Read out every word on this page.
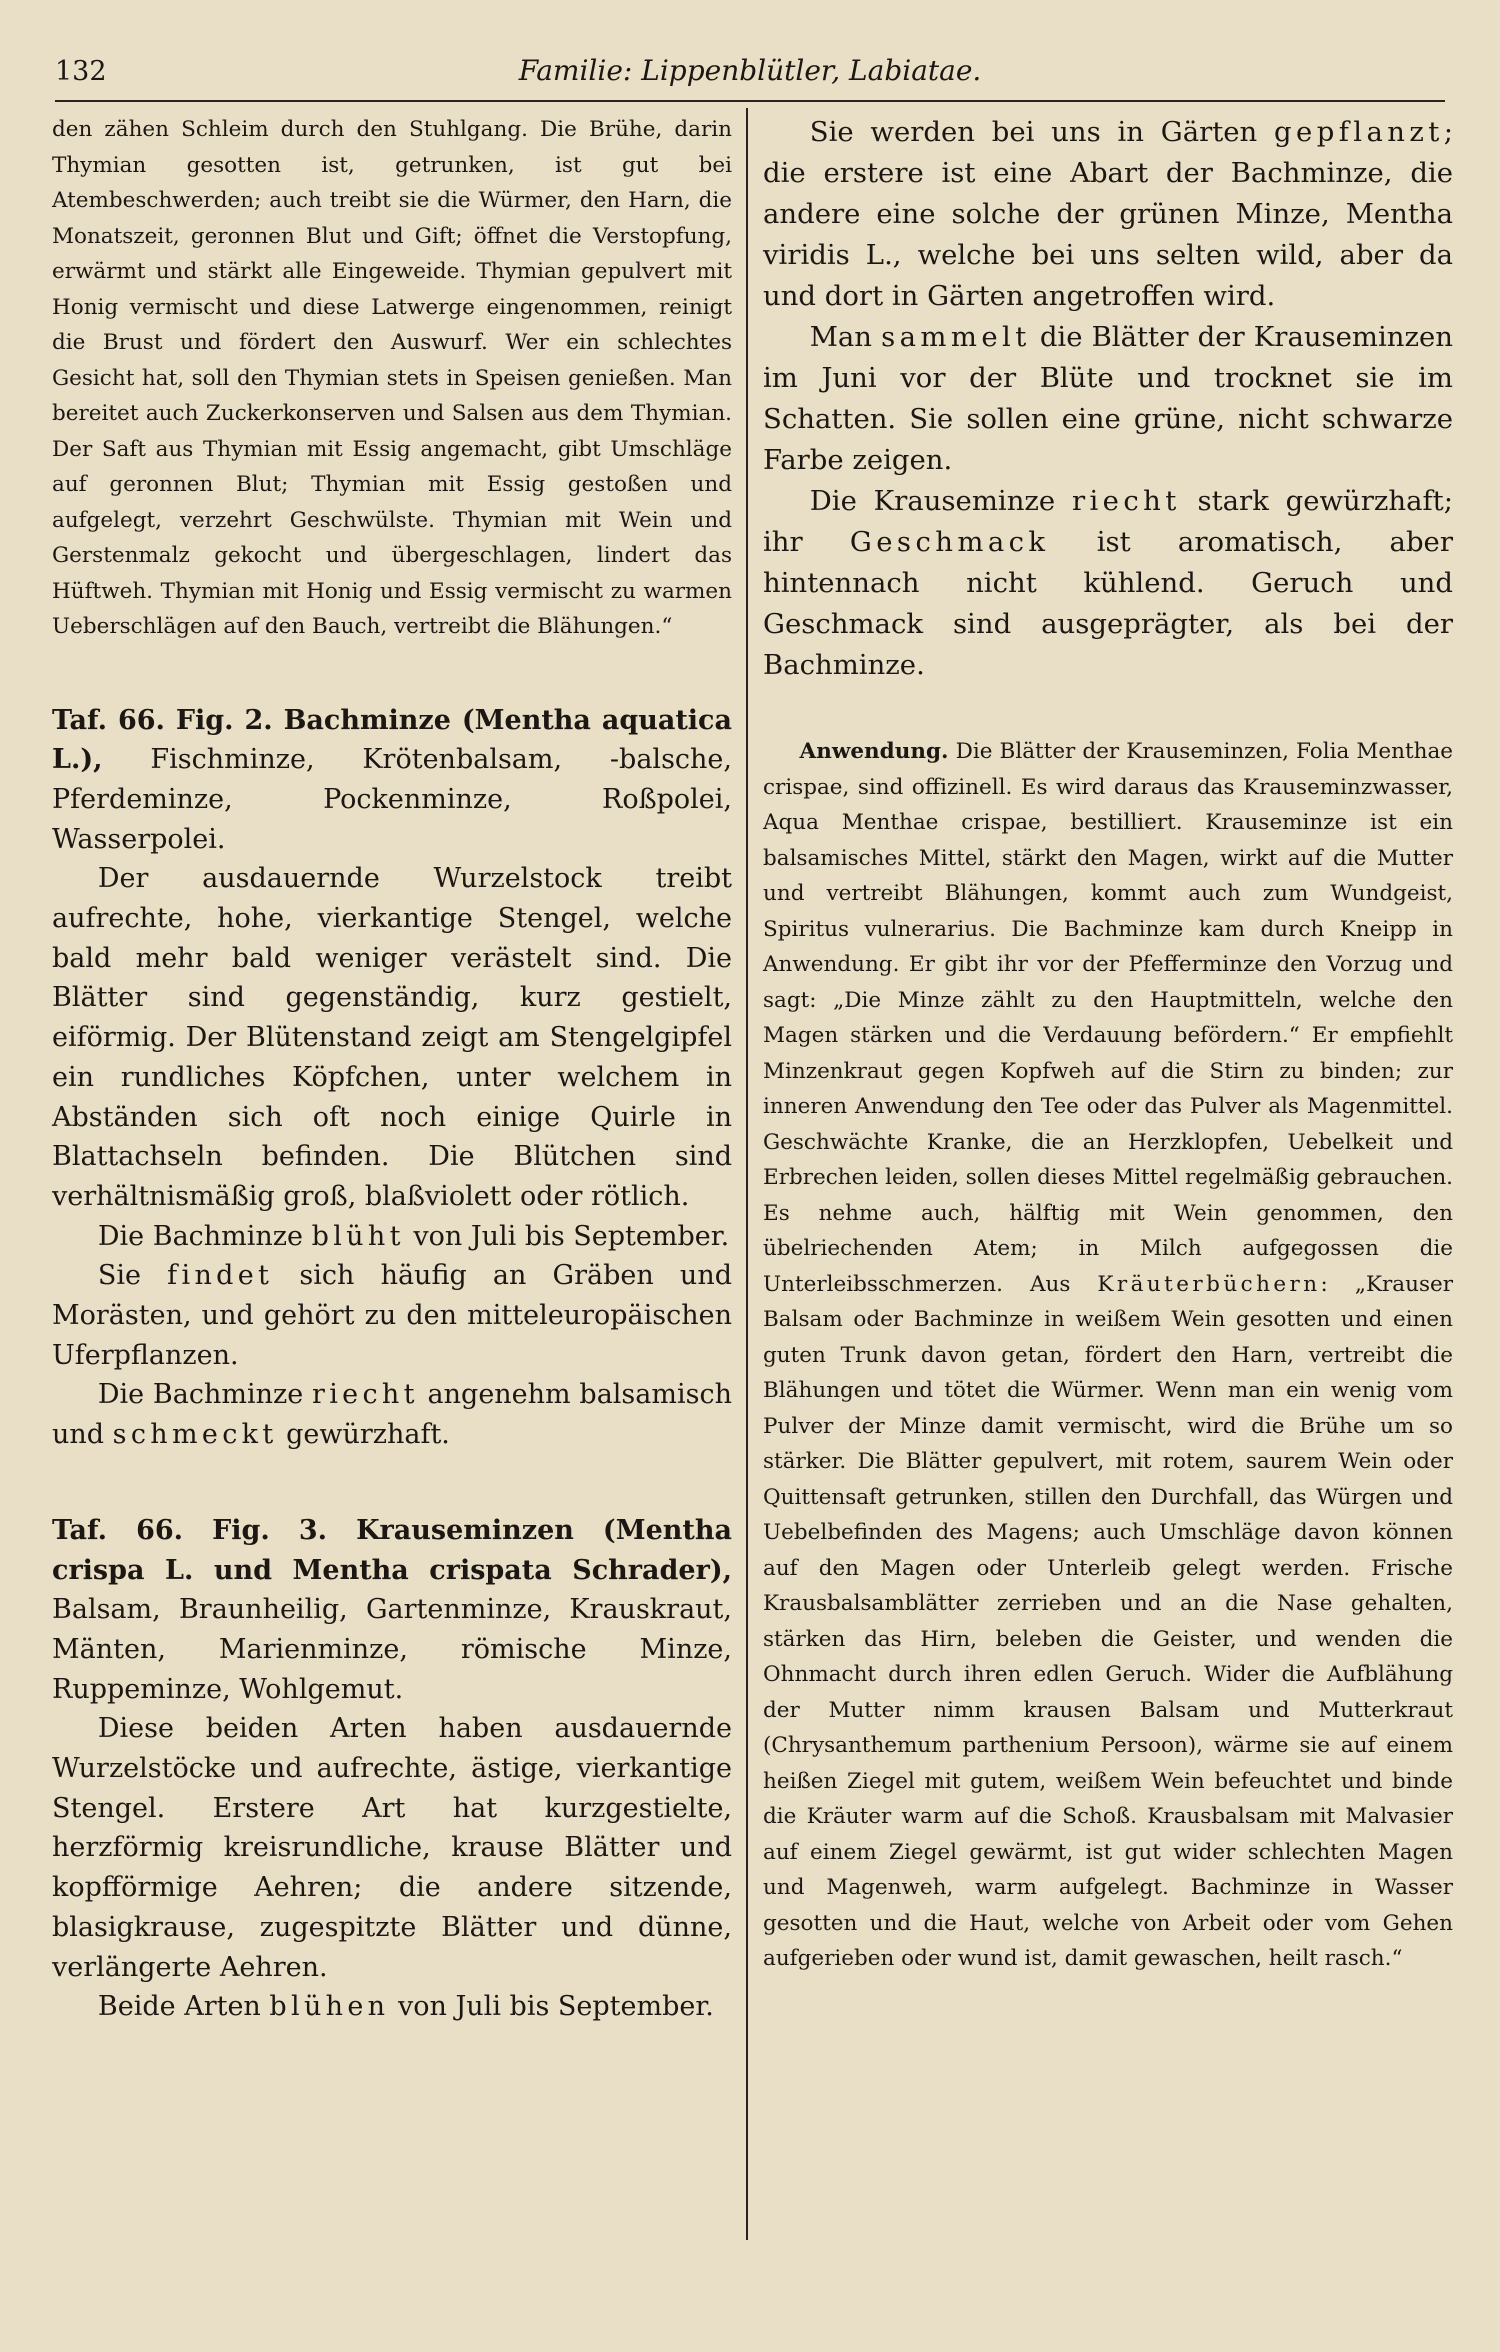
132	Familie: Lippenblütler, Labiatae.

den zähen Schleim durch den Stuhlgang. Die Brühe, darin Thymian gesotten ist, getrunken, ist gut bei Atembeschwerden; auch treibt sie die Würmer, den Harn, die Monatszeit, geronnen Blut und Gift; öffnet die Verstopfung, erwärmt und stärkt alle Eingeweide. Thymian gepulvert mit Honig vermischt und diese Latwerge eingenommen, reinigt die Brust und fördert den Auswurf. Wer ein schlechtes Gesicht hat, soll den Thymian stets in Speisen genießen. Man bereitet auch Zuckerkonserven und Salsen aus dem Thymian. Der Saft aus Thymian mit Essig angemacht, gibt Umschläge auf geronnen Blut; Thymian mit Essig gestoßen und aufgelegt, verzehrt Geschwülste. Thymian mit Wein und Gerstenmalz gekocht und übergeschlagen, lindert das Hüftweh. Thymian mit Honig und Essig vermischt zu warmen Ueberschlägen auf den Bauch, vertreibt die Blähungen.“

Taf. 66. Fig. 2. Bachminze (Mentha aquatica L.), Fischminze, Krötenbalsam, -balsche, Pferdeminze, Pockenminze, Roßpolei, Wasserpolei.

Der ausdauernde Wurzelstock treibt aufrechte, hohe, vierkantige Stengel, welche bald mehr bald weniger verästelt sind. Die Blätter sind gegenständig, kurz gestielt, eiförmig. Der Blütenstand zeigt am Stengelgipfel ein rundliches Köpfchen, unter welchem in Abständen sich oft noch einige Quirle in Blattachseln befinden. Die Blütchen sind verhältnismäßig groß, blaßviolett oder rötlich.

Die Bachminze blüht von Juli bis September.

Sie findet sich häufig an Gräben und Morästen, und gehört zu den mitteleuropäischen Uferpflanzen.

Die Bachminze riecht angenehm balsamisch und schmeckt gewürzhaft.

Taf. 66. Fig. 3. Krauseminzen (Mentha crispa L. und Mentha crispata Schrader), Balsam, Braunheilig, Gartenminze, Krauskraut, Mänten, Marienminze, römische Minze, Ruppeminze, Wohlgemut.

Diese beiden Arten haben ausdauernde Wurzelstöcke und aufrechte, ästige, vierkantige Stengel. Erstere Art hat kurzgestielte, herzförmig kreisrundliche, krause Blätter und kopfförmige Aehren; die andere sitzende, blasigkrause, zugespitzte Blätter und dünne, verlängerte Aehren.

Beide Arten blühen von Juli bis September.

Sie werden bei uns in Gärten gepflanzt; die erstere ist eine Abart der Bachminze, die andere eine solche der grünen Minze, Mentha viridis L., welche bei uns selten wild, aber da und dort in Gärten angetroffen wird.

Man sammelt die Blätter der Krauseminzen im Juni vor der Blüte und trocknet sie im Schatten. Sie sollen eine grüne, nicht schwarze Farbe zeigen.

Die Krauseminze riecht stark gewürzhaft; ihr Geschmack ist aromatisch, aber hintennach nicht kühlend. Geruch und Geschmack sind ausgeprägter, als bei der Bachminze.

Anwendung. Die Blätter der Krauseminzen, Folia Menthae crispae, sind offizinell. Es wird daraus das Krauseminzwasser, Aqua Menthae crispae, bestilliert. Krauseminze ist ein balsamisches Mittel, stärkt den Magen, wirkt auf die Mutter und vertreibt Blähungen, kommt auch zum Wundgeist, Spiritus vulnerarius. Die Bachminze kam durch Kneipp in Anwendung. Er gibt ihr vor der Pfefferminze den Vorzug und sagt: „Die Minze zählt zu den Hauptmitteln, welche den Magen stärken und die Verdauung befördern.“ Er empfiehlt Minzenkraut gegen Kopfweh auf die Stirn zu binden; zur inneren Anwendung den Tee oder das Pulver als Magenmittel. Geschwächte Kranke, die an Herzklopfen, Uebelkeit und Erbrechen leiden, sollen dieses Mittel regelmäßig gebrauchen. Es nehme auch, hälftig mit Wein genommen, den übelriechenden Atem; in Milch aufgegossen die Unterleibsschmerzen. Aus Kräuterbüchern: „Krauser Balsam oder Bachminze in weißem Wein gesotten und einen guten Trunk davon getan, fördert den Harn, vertreibt die Blähungen und tötet die Würmer. Wenn man ein wenig vom Pulver der Minze damit vermischt, wird die Brühe um so stärker. Die Blätter gepulvert, mit rotem, saurem Wein oder Quittensaft getrunken, stillen den Durchfall, das Würgen und Uebelbefinden des Magens; auch Umschläge davon können auf den Magen oder Unterleib gelegt werden. Frische Krausbalsamblätter zerrieben und an die Nase gehalten, stärken das Hirn, beleben die Geister, und wenden die Ohnmacht durch ihren edlen Geruch. Wider die Aufblähung der Mutter nimm krausen Balsam und Mutterkraut (Chrysanthemum parthenium Persoon), wärme sie auf einem heißen Ziegel mit gutem, weißem Wein befeuchtet und binde die Kräuter warm auf die Schoß. Krausbalsam mit Malvasier auf einem Ziegel gewärmt, ist gut wider schlechten Magen und Magenweh, warm aufgelegt. Bachminze in Wasser gesotten und die Haut, welche von Arbeit oder vom Gehen aufgerieben oder wund ist, damit gewaschen, heilt rasch.“
